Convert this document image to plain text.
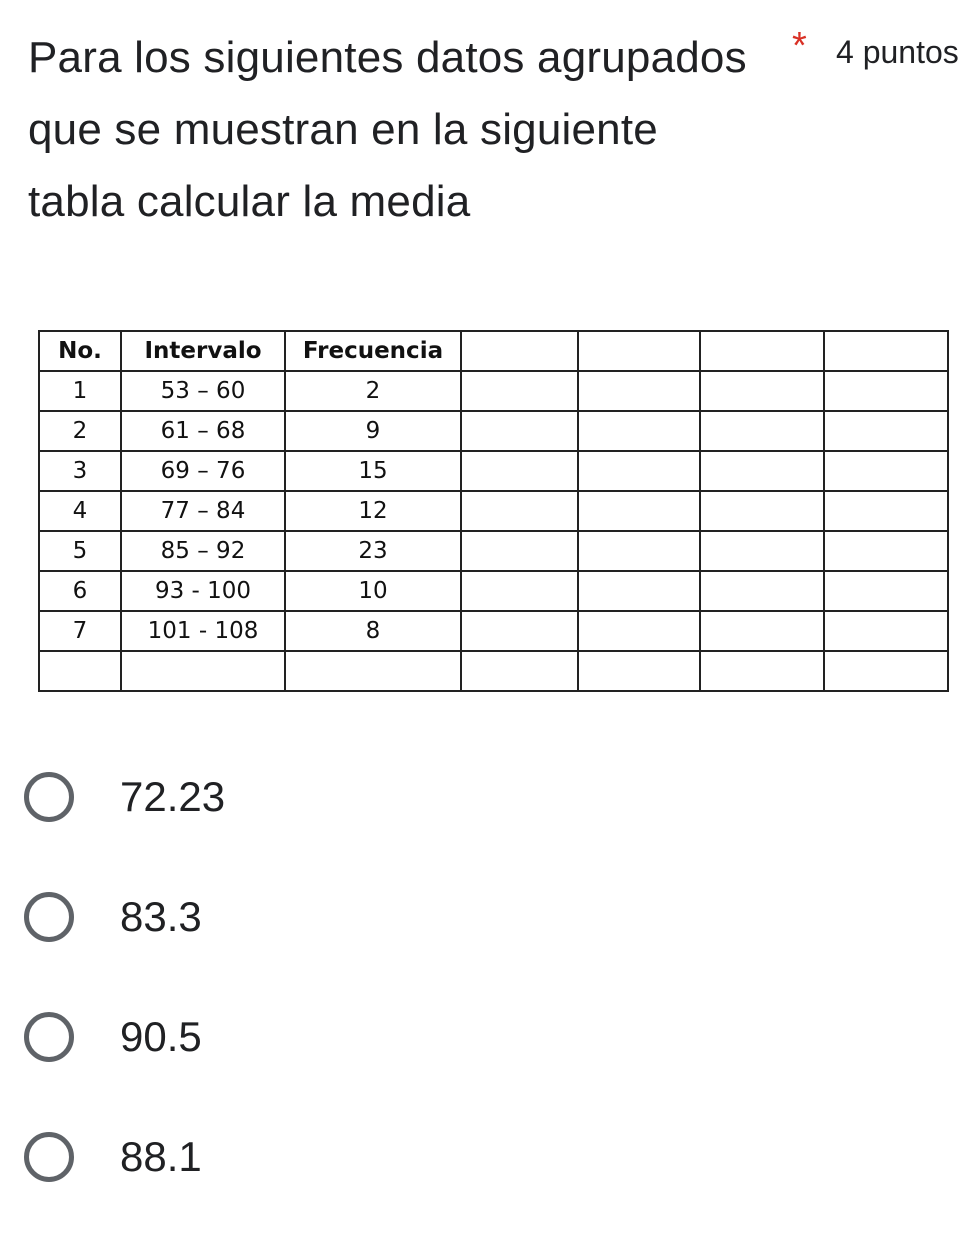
Para los siguientes datos agrupados que se muestran en la siguiente tabla calcular la media

* 4 puntos
No.	Intervalo	Frecuencia				
1	53 – 60	2				
2	61 – 68	9				
3	69 – 76	15				
4	77 – 84	12				
5	85 – 92	23				
6	93 - 100	10				
7	101 - 108	8				

72.23
83.3
90.5
88.1
